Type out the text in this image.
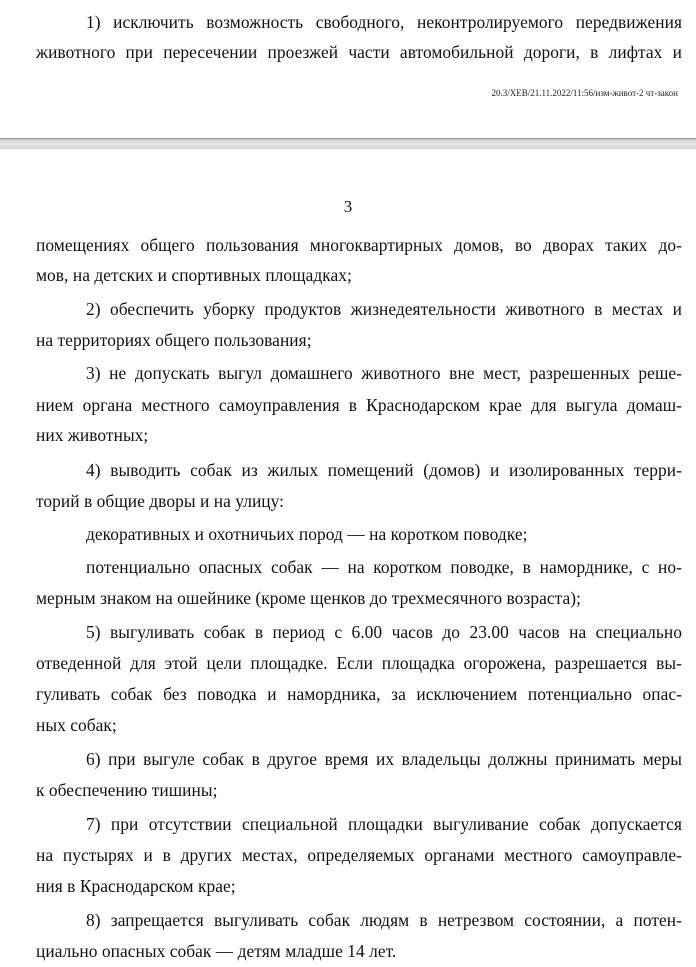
1) исключить возможность свободного, неконтролируемого передвижения
животного при пересечении проезжей части автомобильной дороги, в лифтах и
20.3/ХЕВ/21.11.2022/11:56/изм-живот-2 чт-закон
3
помещениях общего пользования многоквартирных домов, во дворах таких до-
мов, на детских и спортивных площадках;
2) обеспечить уборку продуктов жизнедеятельности животного в местах и
на территориях общего пользования;
3) не допускать выгул домашнего животного вне мест, разрешенных реше-
нием органа местного самоуправления в Краснодарском крае для выгула домаш-
них животных;
4) выводить собак из жилых помещений (домов) и изолированных терри-
торий в общие дворы и на улицу:
декоративных и охотничьих пород — на коротком поводке;
потенциально опасных собак — на коротком поводке, в наморднике, с но-
мерным знаком на ошейнике (кроме щенков до трехмесячного возраста);
5) выгуливать собак в период с 6.00 часов до 23.00 часов на специально
отведенной для этой цели площадке. Если площадка огорожена, разрешается вы-
гуливать собак без поводка и намордника, за исключением потенциально опас-
ных собак;
6) при выгуле собак в другое время их владельцы должны принимать меры
к обеспечению тишины;
7) при отсутствии специальной площадки выгуливание собак допускается
на пустырях и в других местах, определяемых органами местного самоуправле-
ния в Краснодарском крае;
8) запрещается выгуливать собак людям в нетрезвом состоянии, а потен-
циально опасных собак — детям младше 14 лет.
